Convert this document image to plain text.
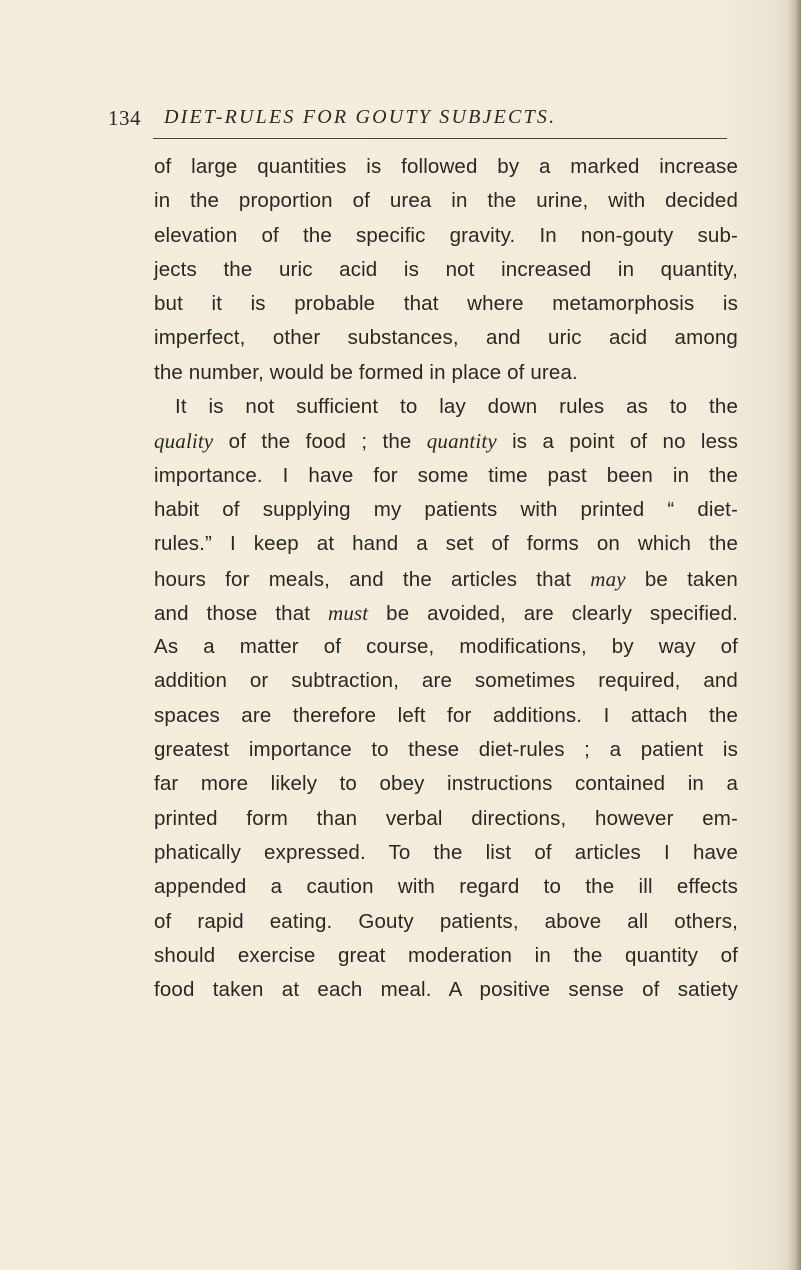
134 DIET-RULES FOR GOUTY SUBJECTS.
of large quantities is followed by a marked increase
in the proportion of urea in the urine, with decided
elevation of the specific gravity. In non-gouty sub-
jects the uric acid is not increased in quantity,
but it is probable that where metamorphosis is
imperfect, other substances, and uric acid among
the number, would be formed in place of urea.
It is not sufficient to lay down rules as to the
quality of the food ; the quantity is a point of no less
importance. I have for some time past been in the
habit of supplying my patients with printed “ diet-
rules.” I keep at hand a set of forms on which the
hours for meals, and the articles that may be taken
and those that must be avoided, are clearly specified.
As a matter of course, modifications, by way of
addition or subtraction, are sometimes required, and
spaces are therefore left for additions. I attach the
greatest importance to these diet-rules ; a patient is
far more likely to obey instructions contained in a
printed form than verbal directions, however em-
phatically expressed. To the list of articles I have
appended a caution with regard to the ill effects
of rapid eating. Gouty patients, above all others,
should exercise great moderation in the quantity of
food taken at each meal. A positive sense of satiety
